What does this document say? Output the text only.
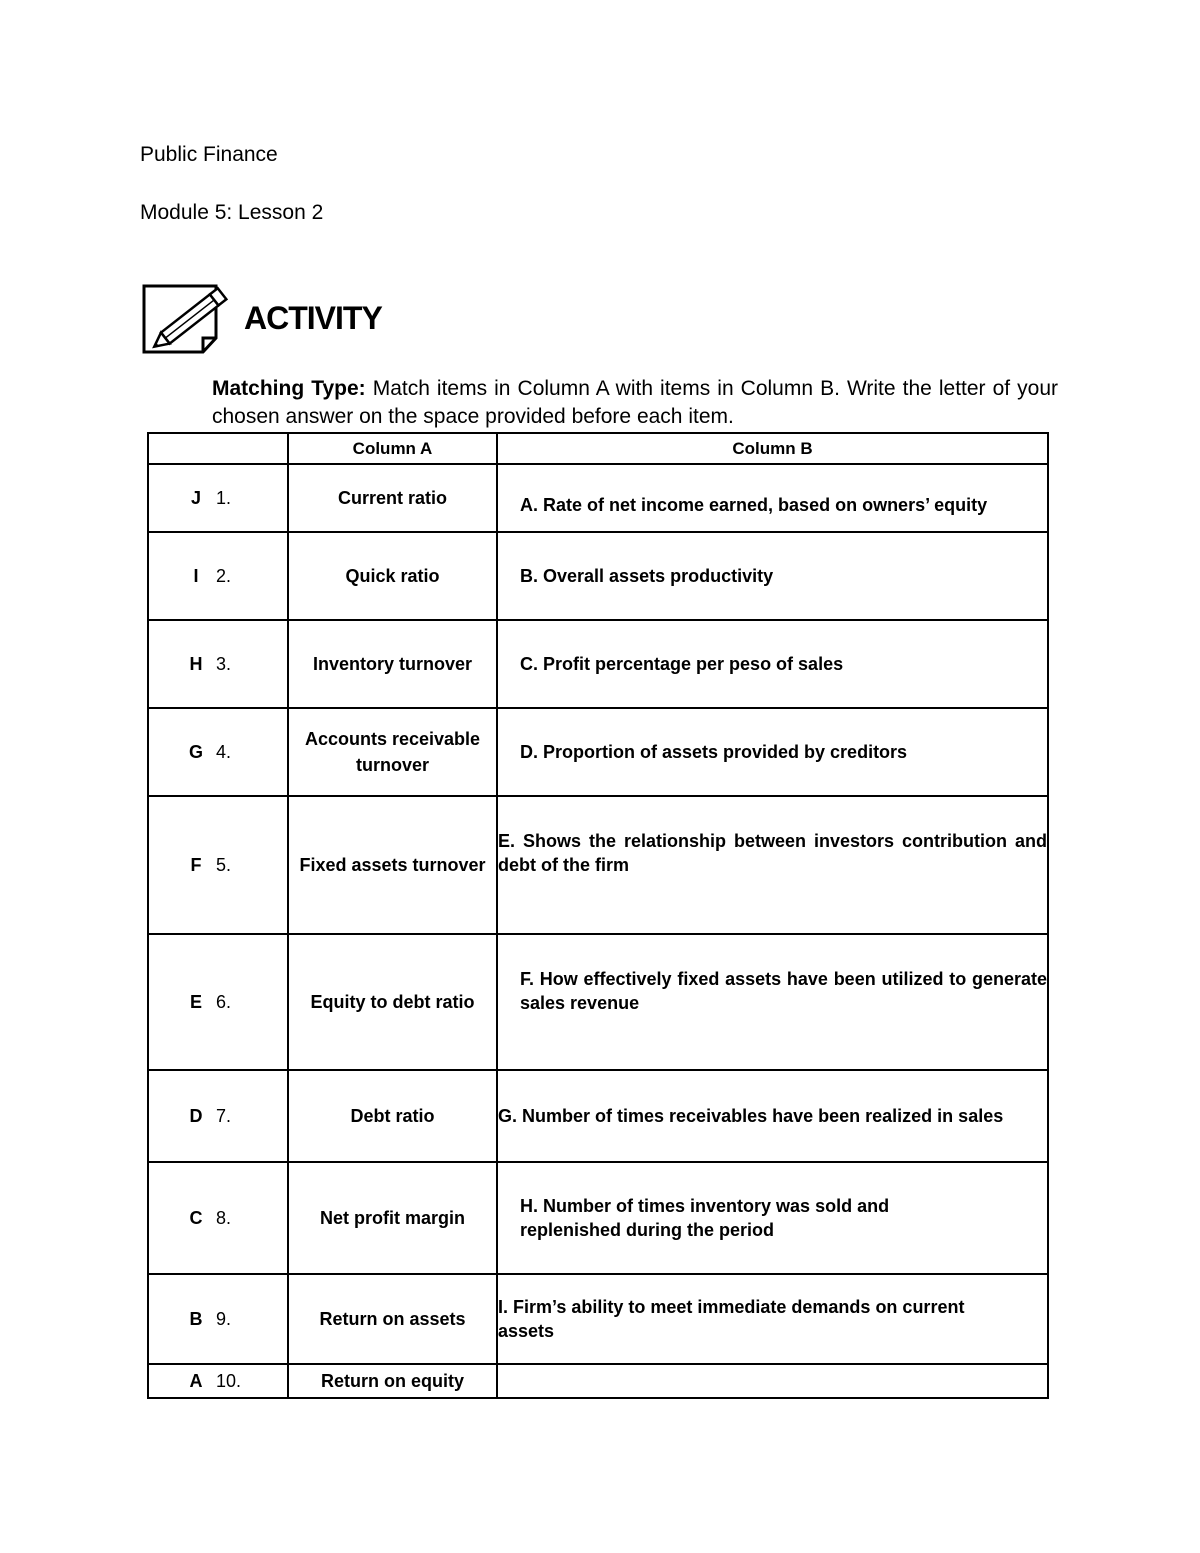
Public Finance
Module 5: Lesson 2
ACTIVITY
Matching Type: Match items in Column A with items in Column B. Write the letter of your chosen answer on the space provided before each item.
	Column A	Column B
J 1.	Current ratio	A. Rate of net income earned, based on owners’ equity
I 2.	Quick ratio	B. Overall assets productivity
H 3.	Inventory turnover	C. Profit percentage per peso of sales
G 4.	Accounts receivable turnover	D. Proportion of assets provided by creditors
F 5.	Fixed assets turnover	E. Shows the relationship between investors contribution and debt of the firm
E 6.	Equity to debt ratio	F. How effectively fixed assets have been utilized to generate sales revenue
D 7.	Debt ratio	G. Number of times receivables have been realized in sales
C 8.	Net profit margin	H. Number of times inventory was sold and replenished during the period
B 9.	Return on assets	I. Firm’s ability to meet immediate demands on current assets
A 10.	Return on equity	
